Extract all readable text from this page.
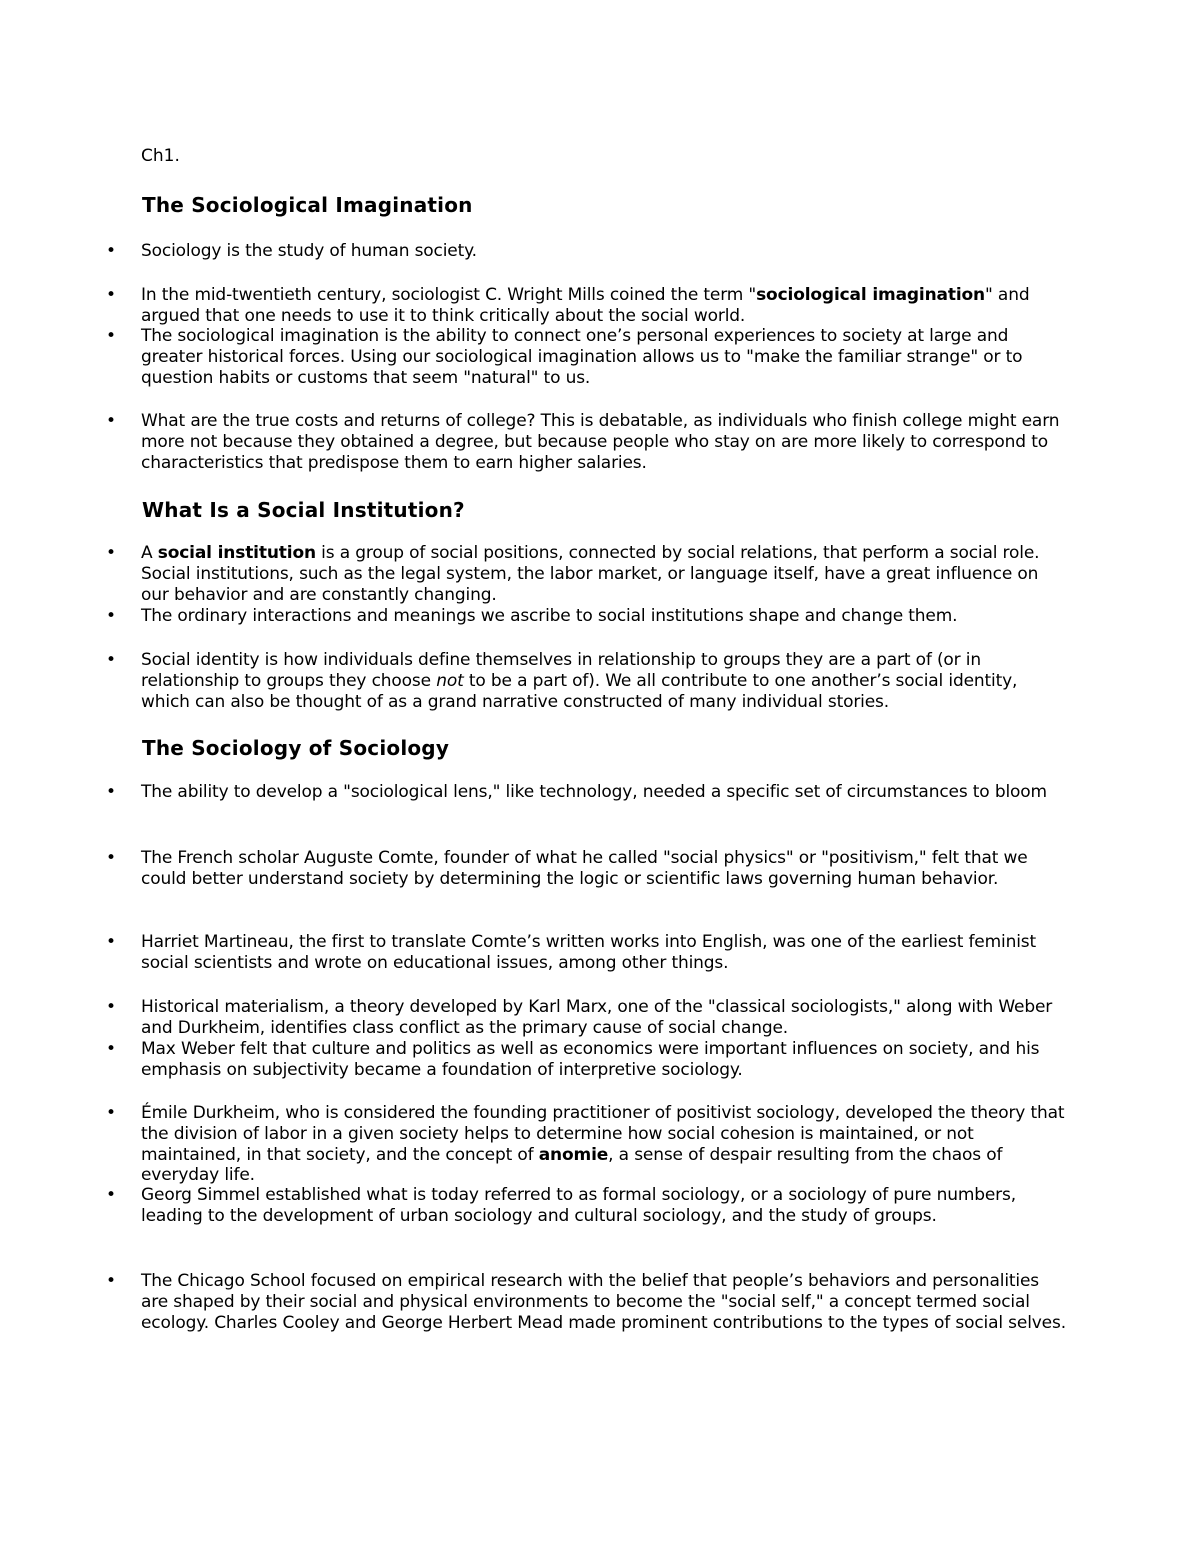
Ch1.
The Sociological Imagination
• Sociology is the study of human society.
• In the mid-twentieth century, sociologist C. Wright Mills coined the term "sociological imagination" and argued that one needs to use it to think critically about the social world.
• The sociological imagination is the ability to connect one’s personal experiences to society at large and greater historical forces. Using our sociological imagination allows us to "make the familiar strange" or to question habits or customs that seem "natural" to us.
• What are the true costs and returns of college? This is debatable, as individuals who finish college might earn more not because they obtained a degree, but because people who stay on are more likely to correspond to characteristics that predispose them to earn higher salaries.
What Is a Social Institution?
• A social institution is a group of social positions, connected by social relations, that perform a social role. Social institutions, such as the legal system, the labor market, or language itself, have a great influence on our behavior and are constantly changing.
• The ordinary interactions and meanings we ascribe to social institutions shape and change them.
• Social identity is how individuals define themselves in relationship to groups they are a part of (or in relationship to groups they choose not to be a part of). We all contribute to one another’s social identity, which can also be thought of as a grand narrative constructed of many individual stories.
The Sociology of Sociology
• The ability to develop a "sociological lens," like technology, needed a specific set of circumstances to bloom
• The French scholar Auguste Comte, founder of what he called "social physics" or "positivism," felt that we could better understand society by determining the logic or scientific laws governing human behavior.
• Harriet Martineau, the first to translate Comte’s written works into English, was one of the earliest feminist social scientists and wrote on educational issues, among other things.
• Historical materialism, a theory developed by Karl Marx, one of the "classical sociologists," along with Weber and Durkheim, identifies class conflict as the primary cause of social change.
• Max Weber felt that culture and politics as well as economics were important influences on society, and his emphasis on subjectivity became a foundation of interpretive sociology.
• Émile Durkheim, who is considered the founding practitioner of positivist sociology, developed the theory that the division of labor in a given society helps to determine how social cohesion is maintained, or not maintained, in that society, and the concept of anomie, a sense of despair resulting from the chaos of everyday life.
• Georg Simmel established what is today referred to as formal sociology, or a sociology of pure numbers, leading to the development of urban sociology and cultural sociology, and the study of groups.
• The Chicago School focused on empirical research with the belief that people’s behaviors and personalities are shaped by their social and physical environments to become the "social self," a concept termed social ecology. Charles Cooley and George Herbert Mead made prominent contributions to the types of social selves.
